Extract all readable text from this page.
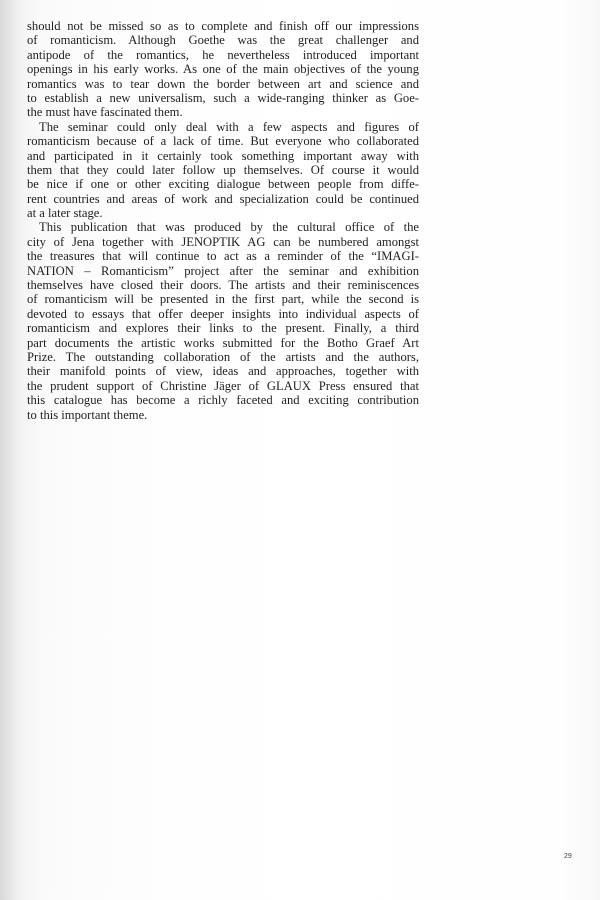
should not be missed so as to complete and finish off our impressions
of romanticism. Although Goethe was the great challenger and
antipode of the romantics, he nevertheless introduced important
openings in his early works. As one of the main objectives of the young
romantics was to tear down the border between art and science and
to establish a new universalism, such a wide-ranging thinker as Goe-
the must have fascinated them.

The seminar could only deal with a few aspects and figures of
romanticism because of a lack of time. But everyone who collaborated
and participated in it certainly took something important away with
them that they could later follow up themselves. Of course it would
be nice if one or other exciting dialogue between people from diffe-
rent countries and areas of work and specialization could be continued
at a later stage.

This publication that was produced by the cultural office of the
city of Jena together with JENOPTIK AG can be numbered amongst
the treasures that will continue to act as a reminder of the “IMAGI-
NATION – Romanticism” project after the seminar and exhibition
themselves have closed their doors. The artists and their reminiscences
of romanticism will be presented in the first part, while the second is
devoted to essays that offer deeper insights into individual aspects of
romanticism and explores their links to the present. Finally, a third
part documents the artistic works submitted for the Botho Graef Art
Prize. The outstanding collaboration of the artists and the authors,
their manifold points of view, ideas and approaches, together with
the prudent support of Christine Jäger of GLAUX Press ensured that
this catalogue has become a richly faceted and exciting contribution
to this important theme.

29
